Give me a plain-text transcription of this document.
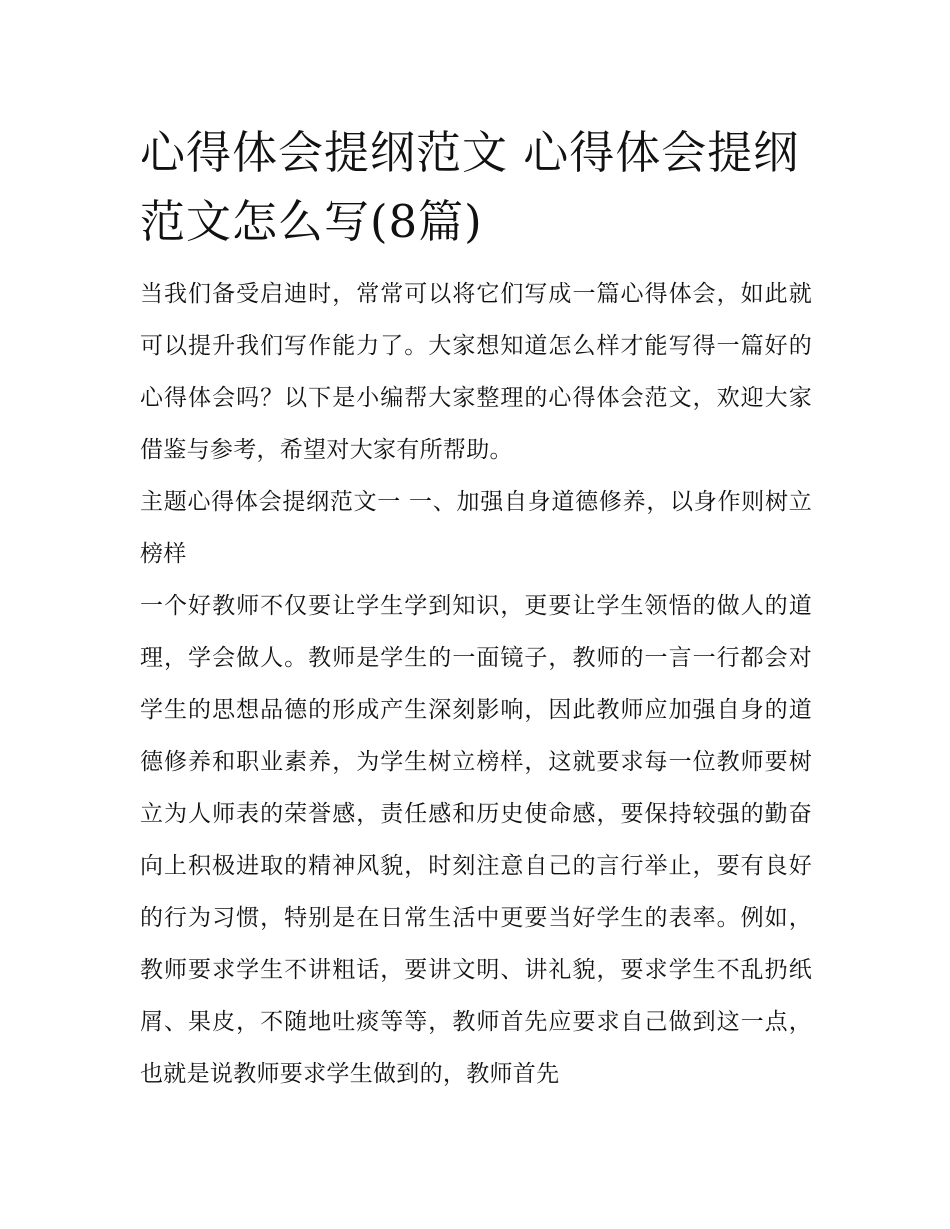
心得体会提纲范文 心得体会提纲范文怎么写(8篇)

当我们备受启迪时，常常可以将它们写成一篇心得体会，如此就可以提升我们写作能力了。大家想知道怎么样才能写得一篇好的心得体会吗？以下是小编帮大家整理的心得体会范文，欢迎大家借鉴与参考，希望对大家有所帮助。

主题心得体会提纲范文一 一、加强自身道德修养，以身作则树立榜样

一个好教师不仅要让学生学到知识，更要让学生领悟的做人的道理，学会做人。教师是学生的一面镜子，教师的一言一行都会对学生的思想品德的形成产生深刻影响，因此教师应加强自身的道德修养和职业素养，为学生树立榜样，这就要求每一位教师要树立为人师表的荣誉感，责任感和历史使命感，要保持较强的勤奋向上积极进取的精神风貌，时刻注意自己的言行举止，要有良好的行为习惯，特别是在日常生活中更要当好学生的表率。例如，教师要求学生不讲粗话，要讲文明、讲礼貌，要求学生不乱扔纸屑、果皮，不随地吐痰等等，教师首先应要求自己做到这一点，也就是说教师要求学生做到的，教师首先
